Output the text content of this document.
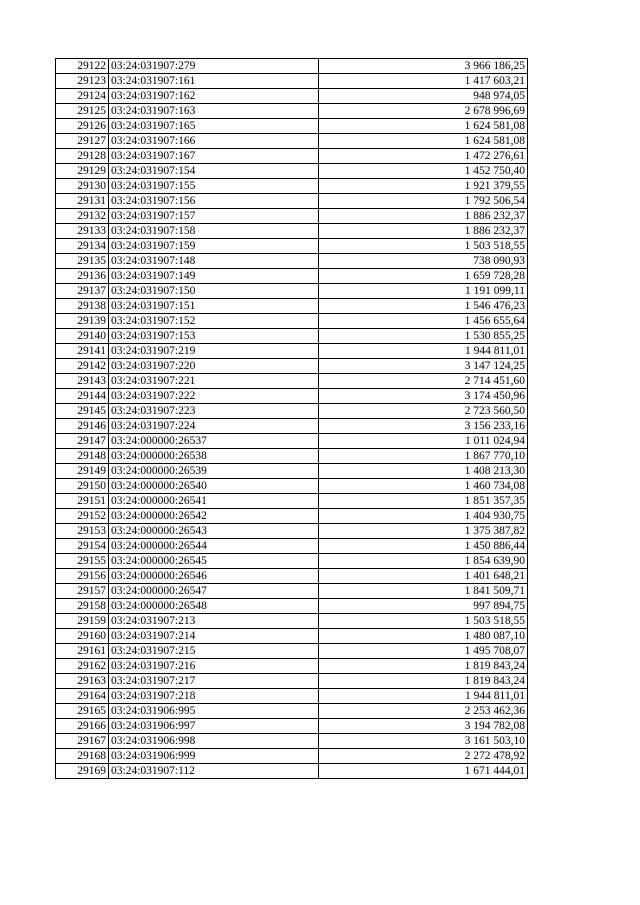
29122	03:24:031907:279	3 966 186,25
29123	03:24:031907:161	1 417 603,21
29124	03:24:031907:162	948 974,05
29125	03:24:031907:163	2 678 996,69
29126	03:24:031907:165	1 624 581,08
29127	03:24:031907:166	1 624 581,08
29128	03:24:031907:167	1 472 276,61
29129	03:24:031907:154	1 452 750,40
29130	03:24:031907:155	1 921 379,55
29131	03:24:031907:156	1 792 506,54
29132	03:24:031907:157	1 886 232,37
29133	03:24:031907:158	1 886 232,37
29134	03:24:031907:159	1 503 518,55
29135	03:24:031907:148	738 090,93
29136	03:24:031907:149	1 659 728,28
29137	03:24:031907:150	1 191 099,11
29138	03:24:031907:151	1 546 476,23
29139	03:24:031907:152	1 456 655,64
29140	03:24:031907:153	1 530 855,25
29141	03:24:031907:219	1 944 811,01
29142	03:24:031907:220	3 147 124,25
29143	03:24:031907:221	2 714 451,60
29144	03:24:031907:222	3 174 450,96
29145	03:24:031907:223	2 723 560,50
29146	03:24:031907:224	3 156 233,16
29147	03:24:000000:26537	1 011 024,94
29148	03:24:000000:26538	1 867 770,10
29149	03:24:000000:26539	1 408 213,30
29150	03:24:000000:26540	1 460 734,08
29151	03:24:000000:26541	1 851 357,35
29152	03:24:000000:26542	1 404 930,75
29153	03:24:000000:26543	1 375 387,82
29154	03:24:000000:26544	1 450 886,44
29155	03:24:000000:26545	1 854 639,90
29156	03:24:000000:26546	1 401 648,21
29157	03:24:000000:26547	1 841 509,71
29158	03:24:000000:26548	997 894,75
29159	03:24:031907:213	1 503 518,55
29160	03:24:031907:214	1 480 087,10
29161	03:24:031907:215	1 495 708,07
29162	03:24:031907:216	1 819 843,24
29163	03:24:031907:217	1 819 843,24
29164	03:24:031907:218	1 944 811,01
29165	03:24:031906:995	2 253 462,36
29166	03:24:031906:997	3 194 782,08
29167	03:24:031906:998	3 161 503,10
29168	03:24:031906:999	2 272 478,92
29169	03:24:031907:112	1 671 444,01
